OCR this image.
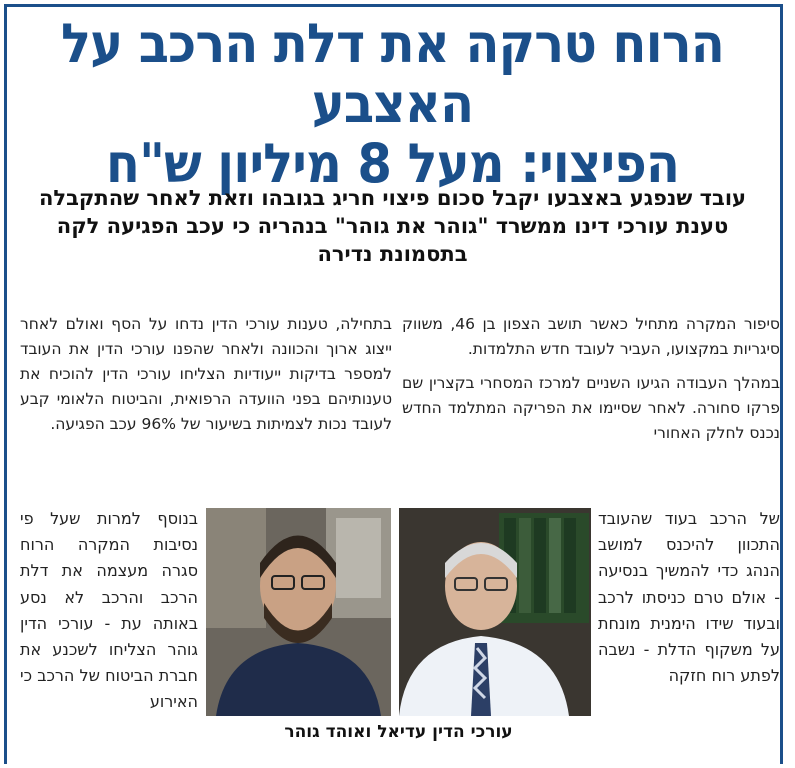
הרוח טרקה את דלת הרכב על האצבע
הפיצוי: מעל 8 מיליון ש"ח
עובד שנפגע באצבעו יקבל סכום פיצוי חריג בגובהו וזאת לאחר שהתקבלה טענת עורכי דינו ממשרד "גוהר את גוהר" בנהריה כי עכב הפגיעה לקה בתסמונת נדירה

סיפור המקרה מתחיל כאשר תושב הצפון בן 46, משווק סיגריות במקצועו, העביר לעובד חדש התלמדות.

במהלך העבודה הגיעו השניים למרכז המסחרי בקצרין שם פרקו סחורה. לאחר שסיימו את הפריקה המתלמד החדש נכנס לחלק האחורי

של הרכב בעוד שהעובד התכוון להיכנס למושב הנהג כדי להמשיך בנסיעה - אולם טרם כניסתו לרכב ובעוד שידו הימנית מונחת על משקוף הדלת - נשבה לפתע רוח חזקה

בתחילה, טענות עורכי הדין נדחו על הסף ואולם לאחר ייצוג ארוך והכוונה ולאחר שהפנו עורכי הדין את העובד למספר בדיקות ייעודיות הצליחו עורכי הדין להוכיח את טענותיהם בפני הוועדה הרפואית, והביטוח הלאומי קבע לעובד נכות לצמיתות בשיעור של 96% עכב הפגיעה.

בנוסף למרות שעל פי נסיבות המקרה הרוח סגרה מעצמה את דלת הרכב והרכב לא נסע באותה עת - עורכי הדין גוהר הצליחו לשכנע את חברת הביטוח של הרכב כי האירוע
עורכי הדין עדיאל ואוהד גוהר
